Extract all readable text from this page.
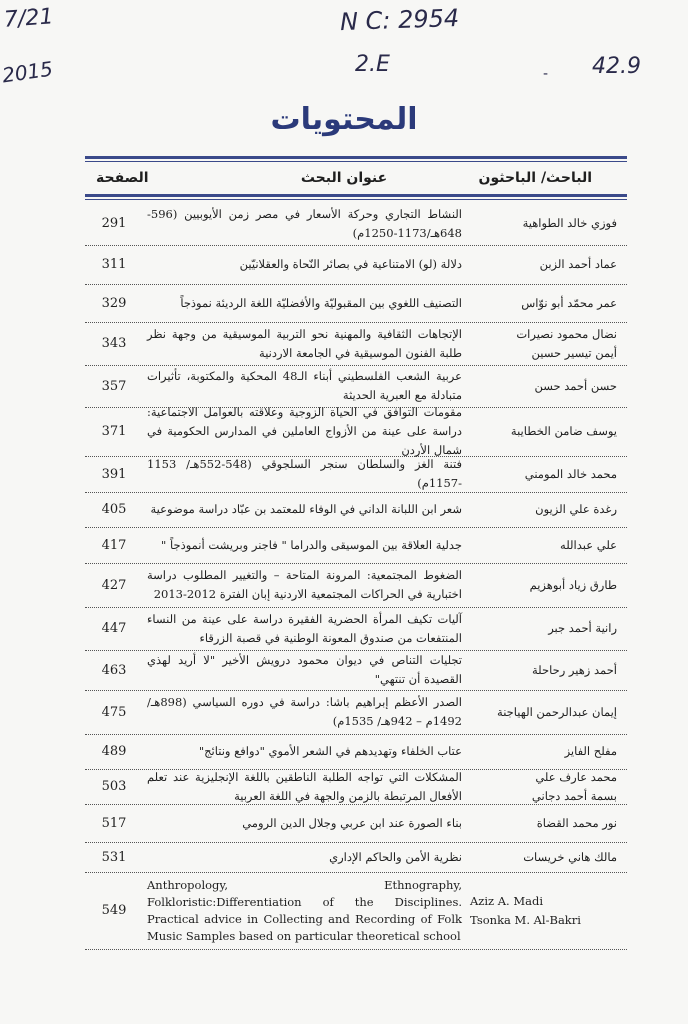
7/21
2015
N C: 2954
2.E	- 42.9
المحتويات
الباحث/ الباحثون
عنوان البحث
الصفحة
فوزي خالد الطواهية
النشاط التجاري وحركة الأسعار في مصر زمن الأيوبيين (596-648هـ/1173-1250م)
291
عماد أحمد الزبن
دلالة (لو) الامتناعية في بصائر النّحاة والعقلانيّين
311
عمر محمّد أبو نوّاس
التصنيف اللغوي بين المقبوليّة والأفضليّة اللغة الرديئة نموذجاً
329
نضال محمود نصيرات
أيمن تيسير حسين
الإتجاهات الثقافية والمهنية نحو التربية الموسيقية من وجهة نظر طلبة الفنون الموسيقية في الجامعة الاردنية
343
حسن أحمد حسن
عربية الشعب الفلسطيني أبناء الـ48 المحكية والمكتوبة، تأثيرات متبادلة مع العبرية الحديثة
357
يوسف ضامن الخطايبة
مقومات التوافق في الحياة الزوجية وعلاقته بالعوامل الاجتماعية: دراسة على عينة من الأزواج العاملين في المدارس الحكومية في شمال الأردن
371
محمد خالد المومني
فتنة الغز والسلطان سنجر السلجوقي (548-552هـ/ 1153 -1157م)
391
رغدة علي الزيون
شعر ابن اللبانة الداني في الوفاء للمعتمد بن عبّاد دراسة موضوعية
405
علي عبدالله
جدلية العلاقة بين الموسيقى والدراما " فاجنر وبريشت أنموذجاً "
417
طارق زياد أبوهزيم
الضغوط المجتمعية: المرونة المتاحة – والتغيير المطلوب دراسة اختبارية في الحراكات المجتمعية الاردنية إبان الفترة 2012-2013
427
رانية أحمد جبر
آليات تكيف المرأة الحضرية الفقيرة دراسة على عينة من النساء المنتفعات من صندوق المعونة الوطنية في قصبة الزرقاء
447
أحمد زهير رحاحلة
تجليات التناص في ديوان محمود درويش الأخير "لا أريد لهذي القصيدة أن تنتهي"
463
إيمان عبدالرحمن الهياجنة
الصدر الأعظم إبراهيم باشا: دراسة في دوره السياسي (898هـ/ 1492م – 942هـ/ 1535م)
475
مفلح الفايز
عتاب الخلفاء وتهديدهم في الشعر الأموي "دوافع ونتائج"
489
محمد عارف علي
بسمة أحمد دجاني
المشكلات التي تواجه الطلبة الناطقين باللغة الإنجليزية عند تعلم الأفعال المرتبطة بالزمن والجهة في اللغة العربية
503
نور محمد القضاة
بناء الصورة عند ابن عربي وجلال الدين الرومي
517
مالك هاني خريسات
نظرية الأمن والحاكم الإداري
531
Aziz A. Madi
Tsonka M. Al-Bakri
Anthropology, Ethnography, Folkloristic:Differentiation of the Disciplines. Practical advice in Collecting and Recording of Folk Music Samples based on particular theoretical school
549
